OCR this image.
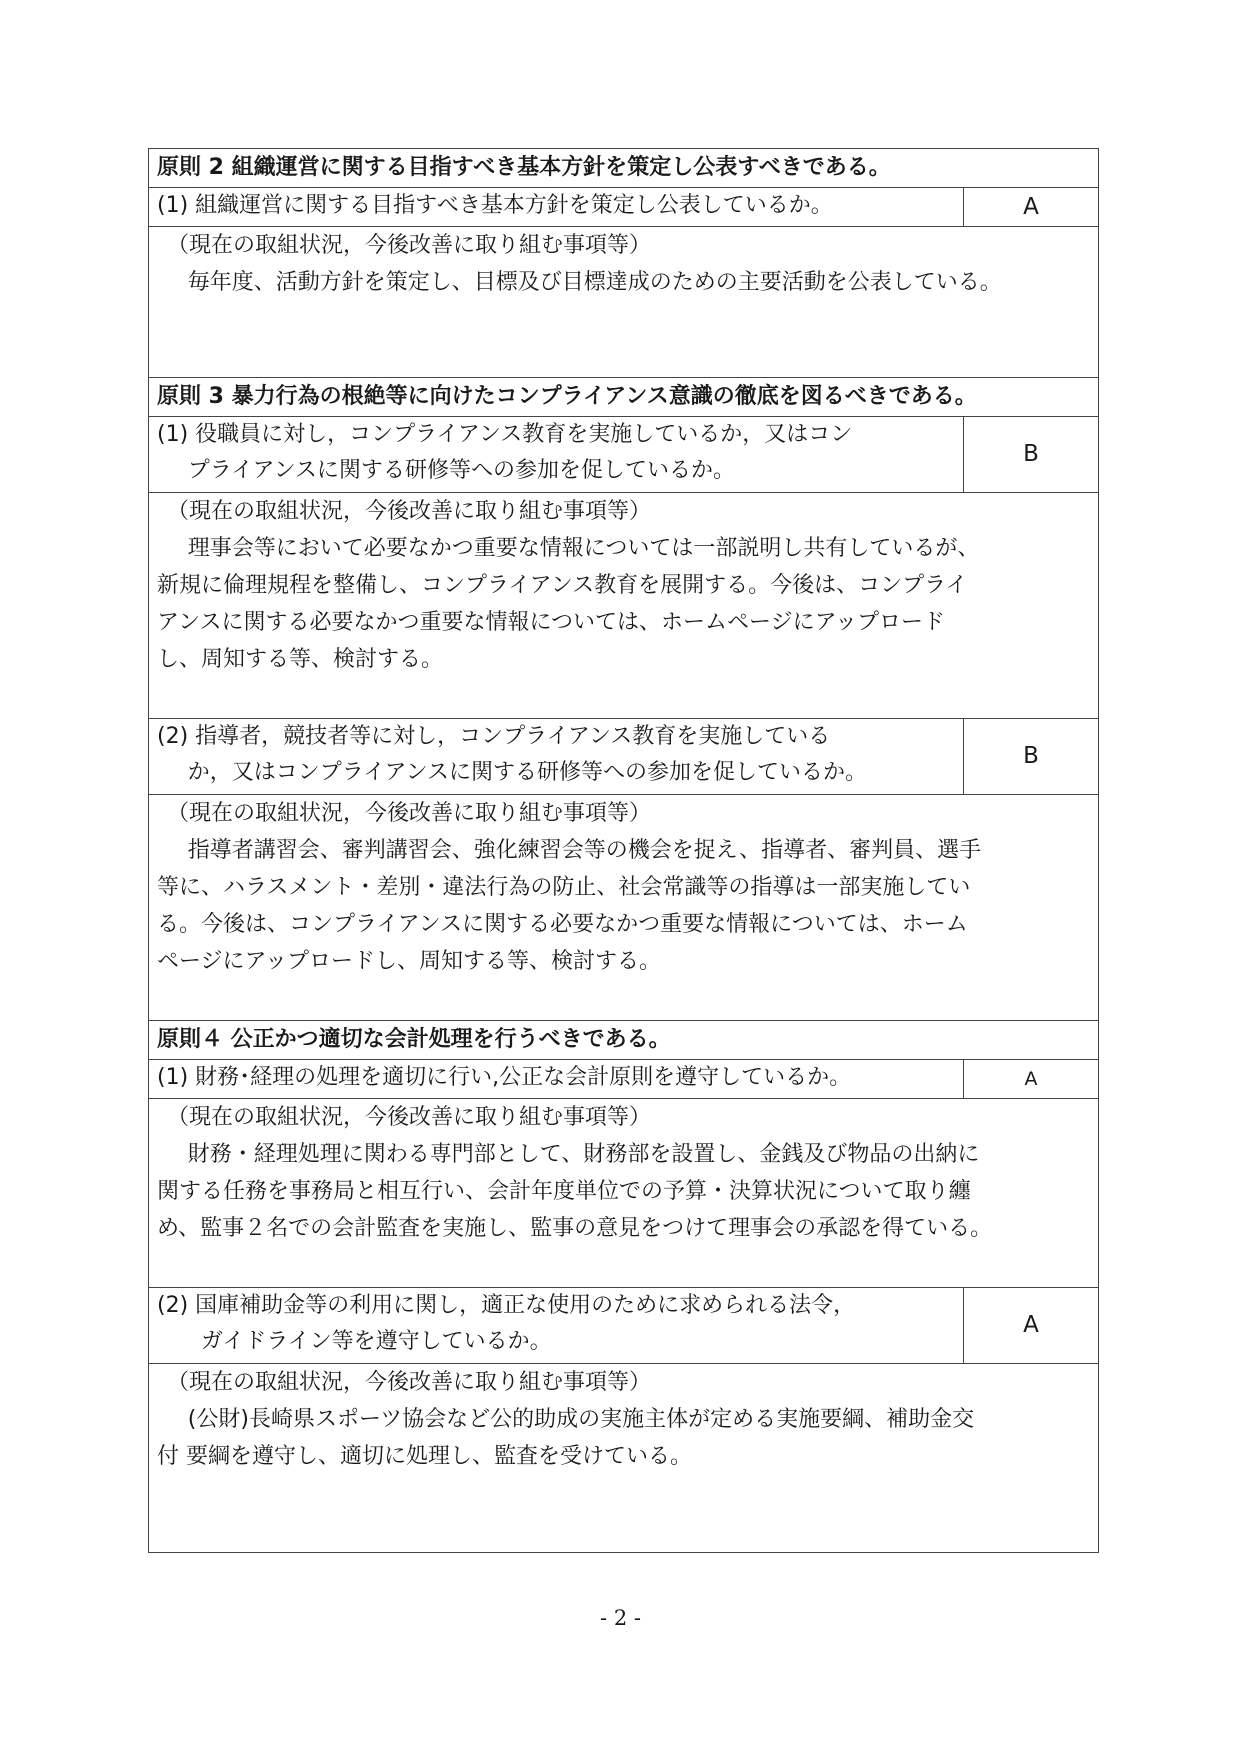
原則 2 組織運営に関する目指すべき基本方針を策定し公表すべきである。	

(1) 組織運営に関する目指すべき基本方針を策定し公表しているか。	A

（現在の取組状況，今後改善に取り組む事項等）
毎年度、活動方針を策定し、目標及び目標達成のための主要活動を公表している。	

原則 3 暴力行為の根絶等に向けたコンプライアンス意識の徹底を図るべきである。	

(1) 役職員に対し，コンプライアンス教育を実施しているか，又はコン
プライアンスに関する研修等への参加を促しているか。	B

（現在の取組状況，今後改善に取り組む事項等）
理事会等において必要なかつ重要な情報については一部説明し共有しているが、
新規に倫理規程を整備し、コンプライアンス教育を展開する。今後は、コンプライ
アンスに関する必要なかつ重要な情報については、ホームページにアップロード
し、周知する等、検討する。	

(2) 指導者，競技者等に対し，コンプライアンス教育を実施している
か，又はコンプライアンスに関する研修等への参加を促しているか。	B

（現在の取組状況，今後改善に取り組む事項等）
指導者講習会、審判講習会、強化練習会等の機会を捉え、指導者、審判員、選手
等に、ハラスメント・差別・違法行為の防止、社会常識等の指導は一部実施してい
る。今後は、コンプライアンスに関する必要なかつ重要な情報については、ホーム
ページにアップロードし、周知する等、検討する。	

原則４ 公正かつ適切な会計処理を行うべきである。	

(1) 財務･経理の処理を適切に行い,公正な会計原則を遵守しているか。	A

（現在の取組状況，今後改善に取り組む事項等）
財務・経理処理に関わる専門部として、財務部を設置し、金銭及び物品の出納に
関する任務を事務局と相互行い、会計年度単位での予算・決算状況について取り纏
め、監事２名での会計監査を実施し、監事の意見をつけて理事会の承認を得ている。	

(2) 国庫補助金等の利用に関し，適正な使用のために求められる法令，
ガイドライン等を遵守しているか。	A

（現在の取組状況，今後改善に取り組む事項等）
(公財)長崎県スポーツ協会など公的助成の実施主体が定める実施要綱、補助金交
付 要綱を遵守し、適切に処理し、監査を受けている。	
- 2 -
